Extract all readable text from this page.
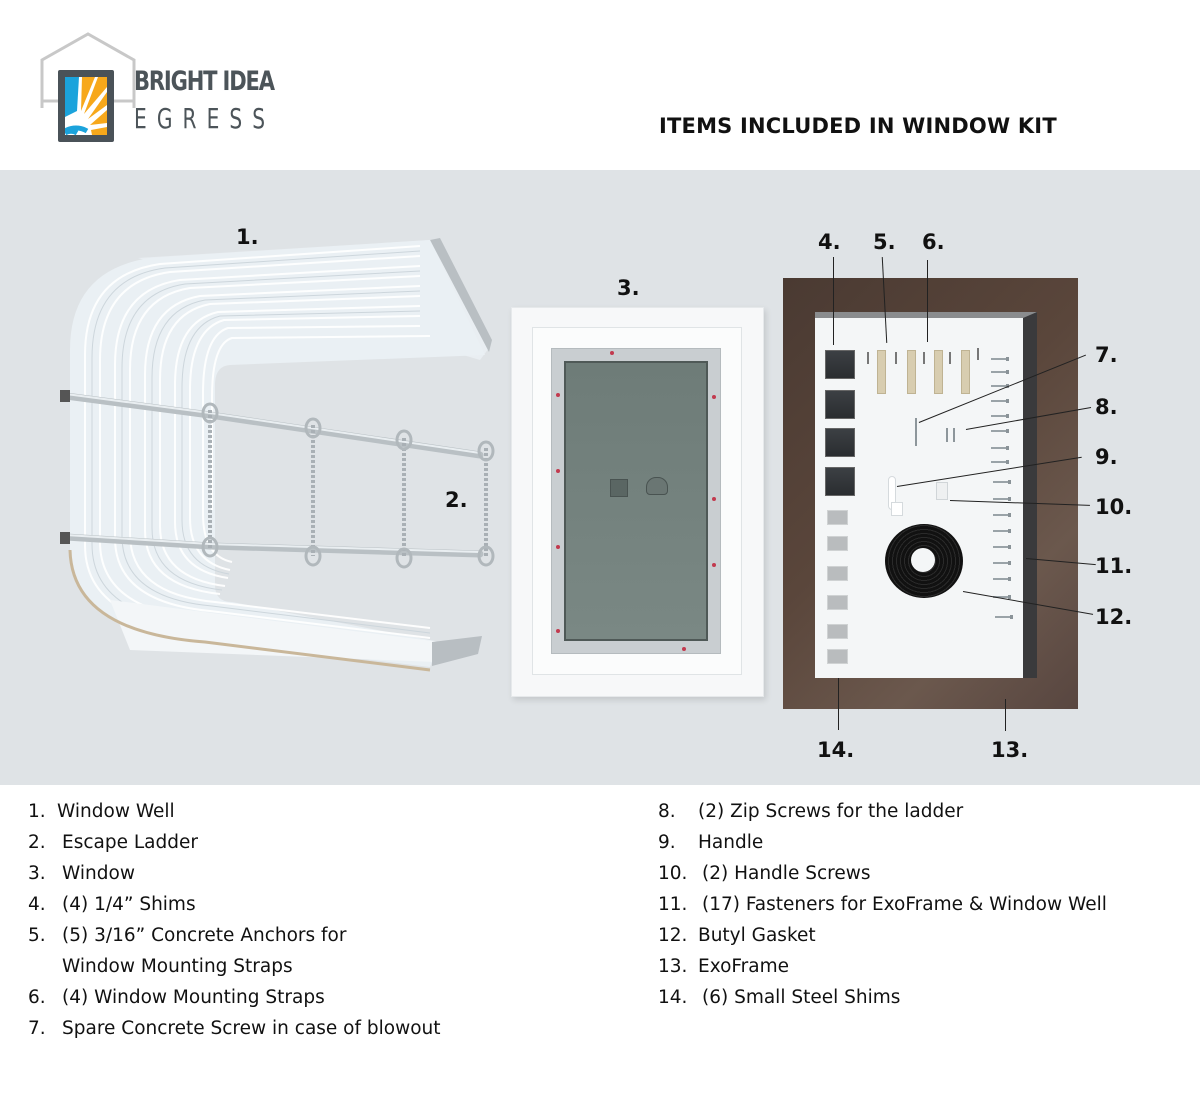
BRIGHT IDEA
EGRESS	ITEMS INCLUDED IN WINDOW KIT
1.
2.
3.
4. 5. 6.
7.
8.
9.
10.
11.
12.
13.
14.
1. Window Well
2. Escape Ladder
3. Window
4. (4) 1/4” Shims
5. (5) 3/16” Concrete Anchors for
Window Mounting Straps
6. (4) Window Mounting Straps
7. Spare Concrete Screw in case of blowout
8. (2) Zip Screws for the ladder
9. Handle
10. (2) Handle Screws
11. (17) Fasteners for ExoFrame & Window Well
12. Butyl Gasket
13. ExoFrame
14. (6) Small Steel Shims
